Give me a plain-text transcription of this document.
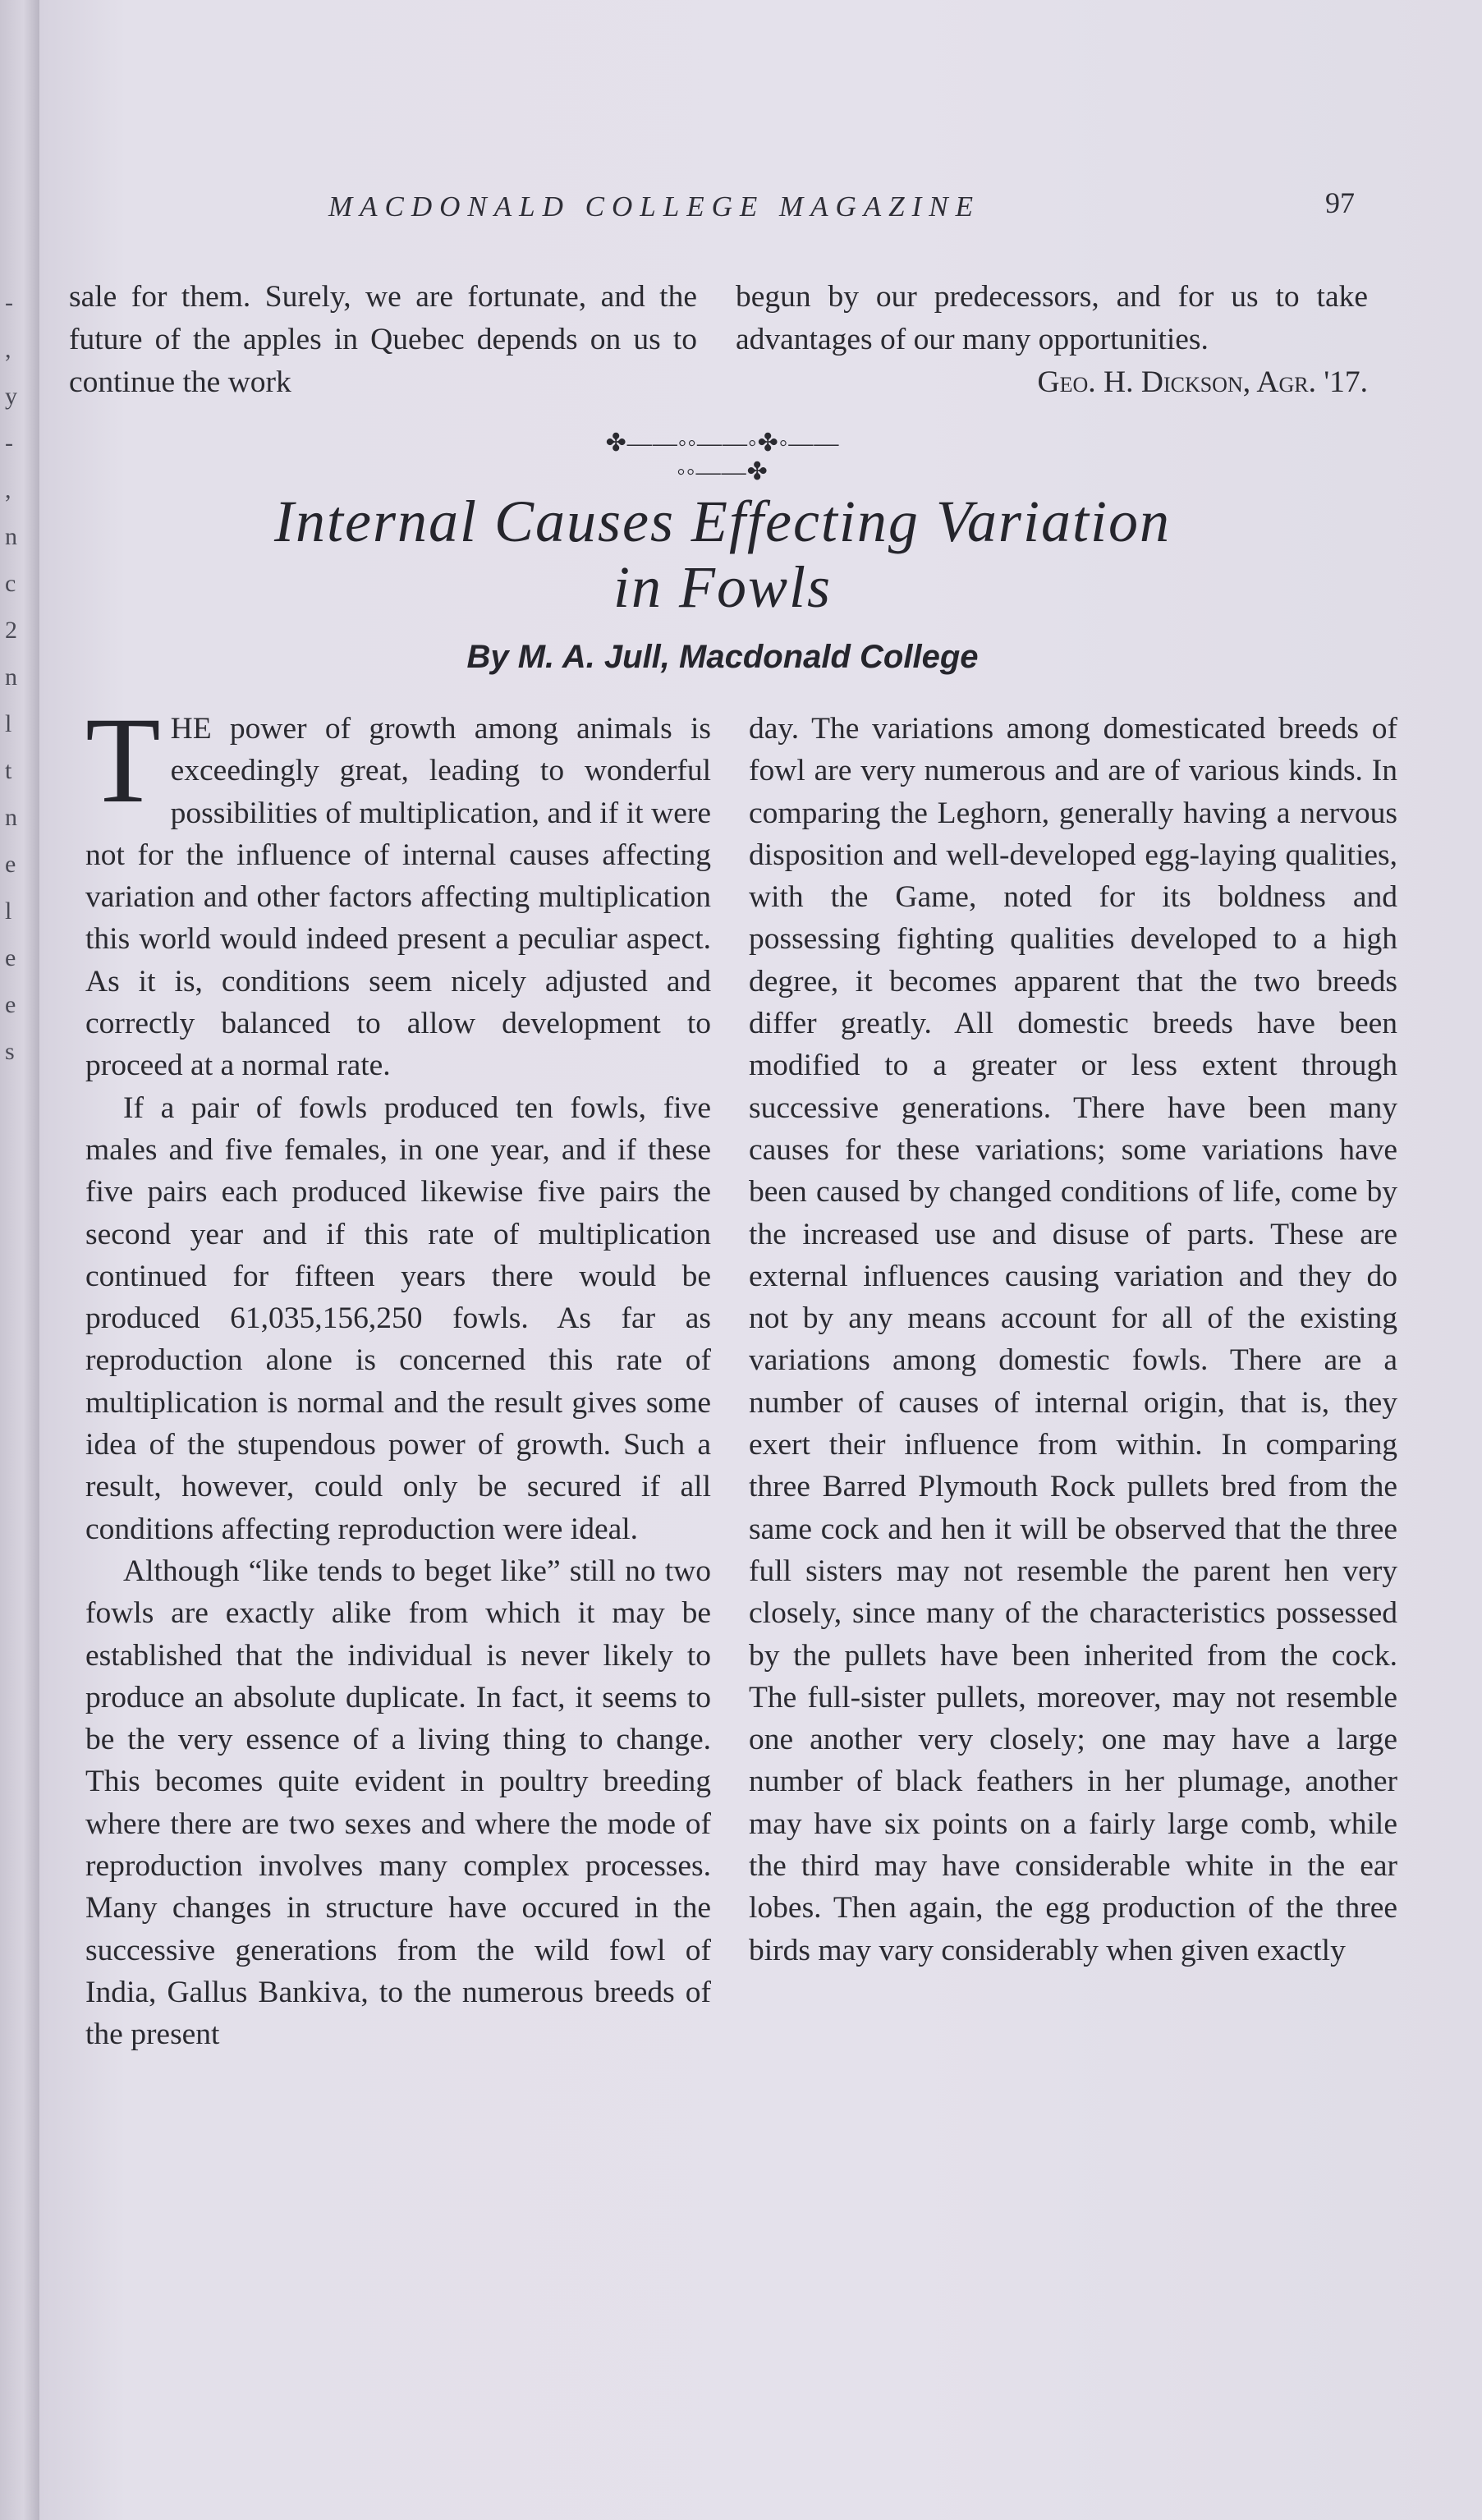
-
,
y
-
,
n
c
2
n
l
t
n
e
l
e
e
s
MACDONALD COLLEGE MAGAZINE	97
sale for them. Surely, we are fortunate, and the future of the apples in Quebec depends on us to continue the work
begun by our predecessors, and for us to take advantages of our many opportunities.
Geo. H. Dickson, Agr. '17.
✤——◦◦——◦✤◦——◦◦——✤
Internal Causes Effecting Variation
in Fowls
By M. A. Jull, Macdonald College

THE power of growth among animals is exceedingly great, leading to wonderful possibilities of multiplication, and if it were not for the influence of internal causes affecting variation and other factors affecting multiplication this world would indeed present a peculiar aspect. As it is, conditions seem nicely adjusted and correctly balanced to allow development to proceed at a normal rate.

If a pair of fowls produced ten fowls, five males and five females, in one year, and if these five pairs each produced likewise five pairs the second year and if this rate of multiplication continued for fifteen years there would be produced 61,035,156,250 fowls. As far as reproduction alone is concerned this rate of multiplication is normal and the result gives some idea of the stupendous power of growth. Such a result, however, could only be secured if all conditions affecting reproduction were ideal.

Although “like tends to beget like” still no two fowls are exactly alike from which it may be established that the individual is never likely to produce an absolute duplicate. In fact, it seems to be the very essence of a living thing to change. This becomes quite evident in poultry breeding where there are two sexes and where the mode of reproduction involves many complex processes. Many changes in structure have occured in the successive generations from the wild fowl of India, Gallus Bankiva, to the numerous breeds of the present

day. The variations among domesticated breeds of fowl are very numerous and are of various kinds. In comparing the Leghorn, generally having a nervous disposition and well-developed egg-laying qualities, with the Game, noted for its boldness and possessing fighting qualities developed to a high degree, it becomes apparent that the two breeds differ greatly. All domestic breeds have been modified to a greater or less extent through successive generations. There have been many causes for these variations; some variations have been caused by changed conditions of life, come by the increased use and disuse of parts. These are external influences causing variation and they do not by any means account for all of the existing variations among domestic fowls. There are a number of causes of internal origin, that is, they exert their influence from within. In comparing three Barred Plymouth Rock pullets bred from the same cock and hen it will be observed that the three full sisters may not resemble the parent hen very closely, since many of the characteristics possessed by the pullets have been inherited from the cock. The full-sister pullets, moreover, may not resemble one another very closely; one may have a large number of black feathers in her plumage, another may have six points on a fairly large comb, while the third may have considerable white in the ear lobes. Then again, the egg production of the three birds may vary considerably when given exactly
